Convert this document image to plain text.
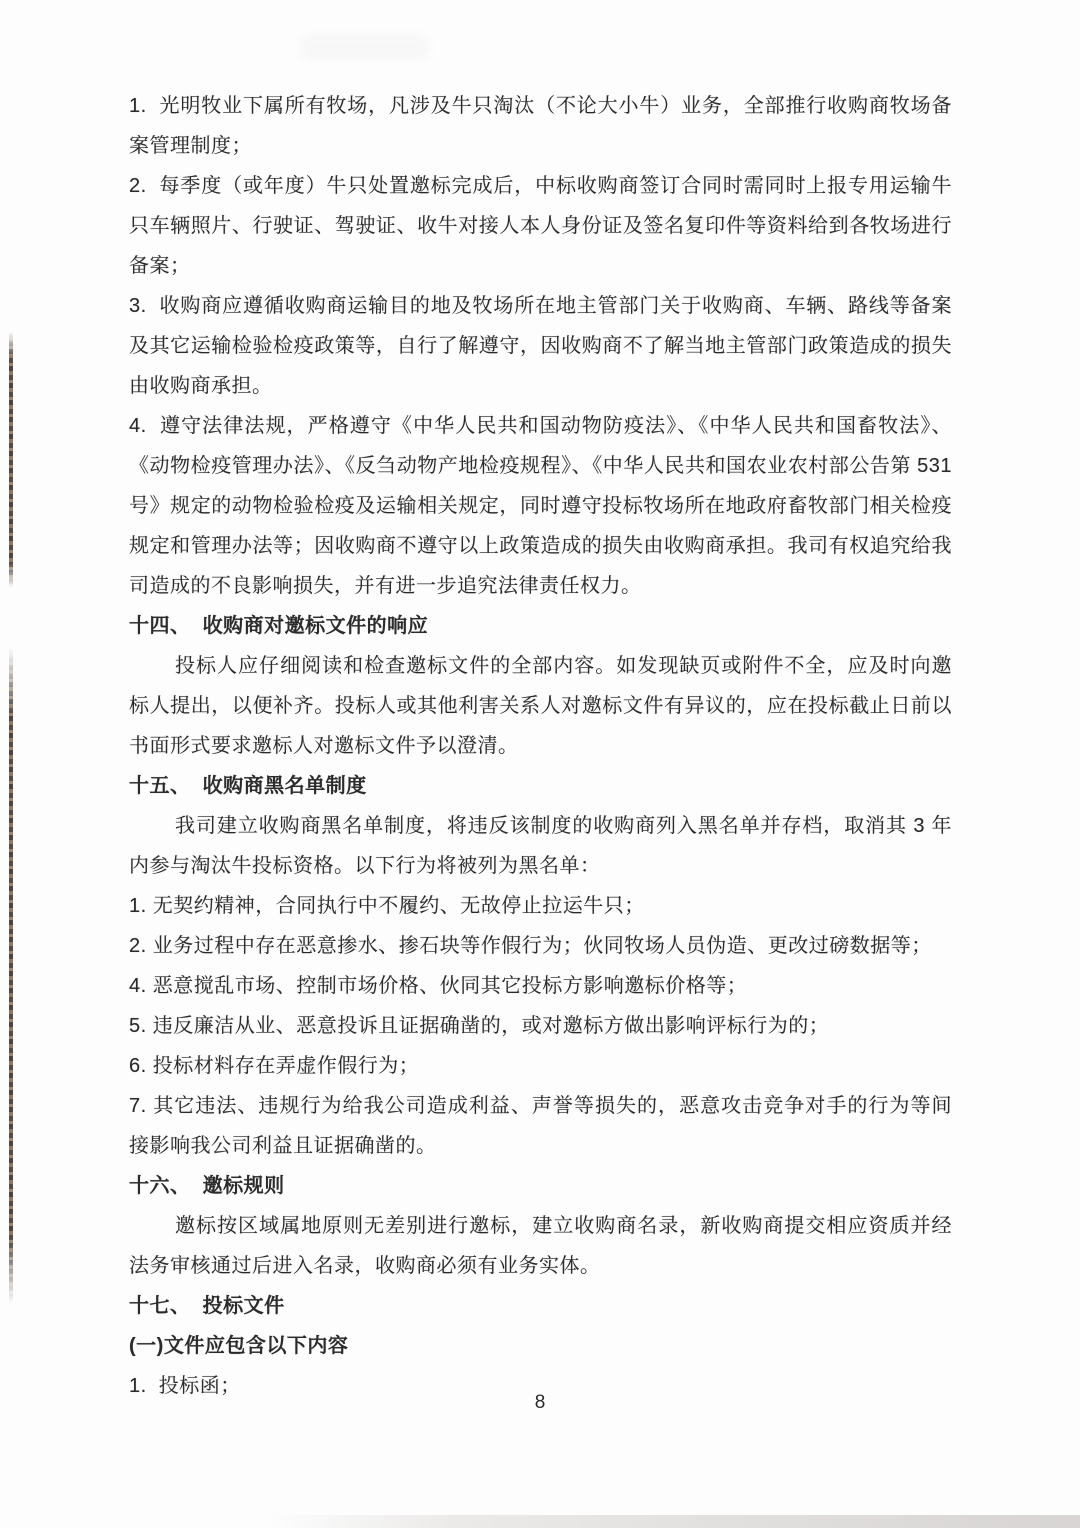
1.  光明牧业下属所有牧场，凡涉及牛只淘汰（不论大小牛）业务，全部推行收购商牧场备案管理制度；

2.  每季度（或年度）牛只处置邀标完成后，中标收购商签订合同时需同时上报专用运输牛只车辆照片、行驶证、驾驶证、收牛对接人本人身份证及签名复印件等资料给到各牧场进行备案；

3.  收购商应遵循收购商运输目的地及牧场所在地主管部门关于收购商、车辆、路线等备案及其它运输检验检疫政策等，自行了解遵守，因收购商不了解当地主管部门政策造成的损失由收购商承担。

4.  遵守法律法规，严格遵守《中华人民共和国动物防疫法》、《中华人民共和国畜牧法》、《动物检疫管理办法》、《反刍动物产地检疫规程》、《中华人民共和国农业农村部公告第 531 号》规定的动物检验检疫及运输相关规定，同时遵守投标牧场所在地政府畜牧部门相关检疫规定和管理办法等；因收购商不遵守以上政策造成的损失由收购商承担。我司有权追究给我司造成的不良影响损失，并有进一步追究法律责任权力。

十四、  收购商对邀标文件的响应

投标人应仔细阅读和检查邀标文件的全部内容。如发现缺页或附件不全，应及时向邀标人提出，以便补齐。投标人或其他利害关系人对邀标文件有异议的，应在投标截止日前以书面形式要求邀标人对邀标文件予以澄清。

十五、  收购商黑名单制度

我司建立收购商黑名单制度，将违反该制度的收购商列入黑名单并存档，取消其 3 年内参与淘汰牛投标资格。以下行为将被列为黑名单：

1. 无契约精神，合同执行中不履约、无故停止拉运牛只；

2. 业务过程中存在恶意掺水、掺石块等作假行为；伙同牧场人员伪造、更改过磅数据等；

4. 恶意搅乱市场、控制市场价格、伙同其它投标方影响邀标价格等；

5. 违反廉洁从业、恶意投诉且证据确凿的，或对邀标方做出影响评标行为的；

6. 投标材料存在弄虚作假行为；

7. 其它违法、违规行为给我公司造成利益、声誉等损失的，恶意攻击竞争对手的行为等间接影响我公司利益且证据确凿的。

十六、  邀标规则

邀标按区域属地原则无差别进行邀标，建立收购商名录，新收购商提交相应资质并经法务审核通过后进入名录，收购商必须有业务实体。

十七、  投标文件

(一)文件应包含以下内容

1.  投标函；

8
